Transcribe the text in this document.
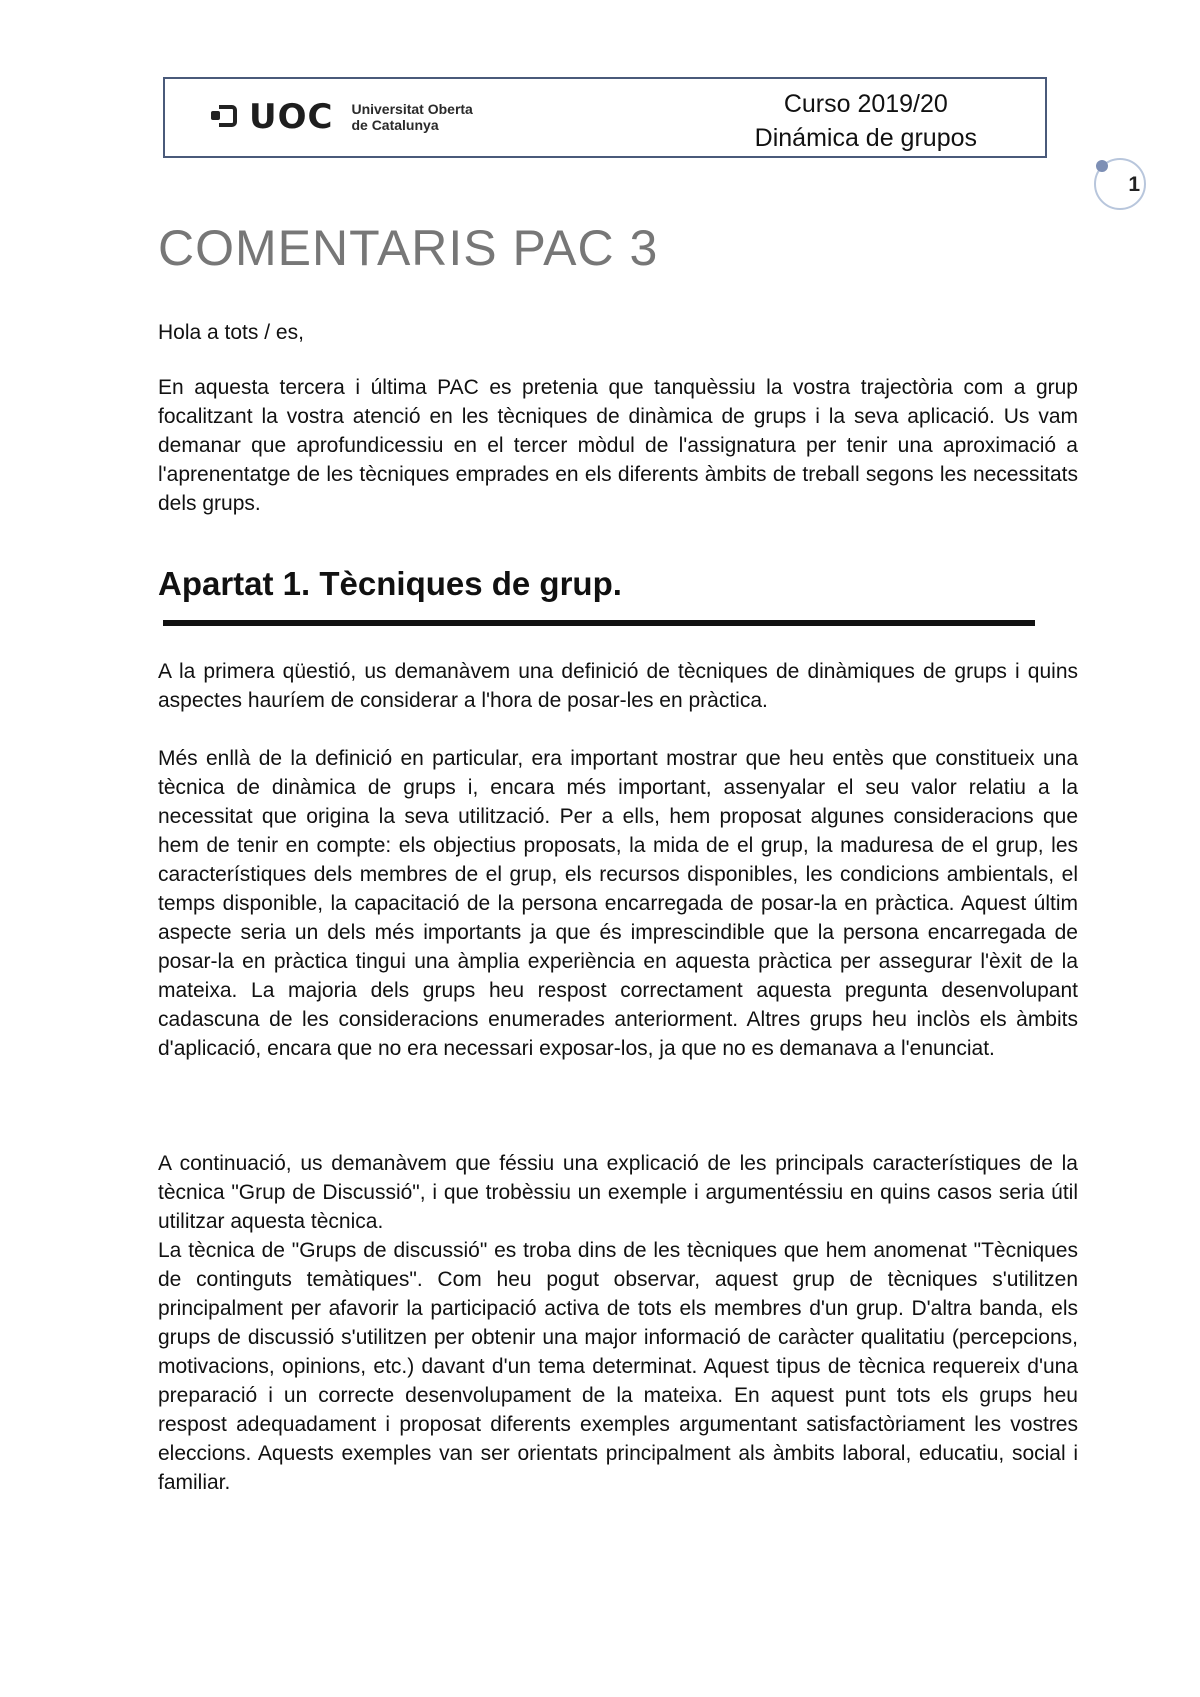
UOC Universitat Oberta
de Catalunya
Curso 2019/20
Dinámica de grupos
1
COMENTARIS PAC 3
Hola a tots / es,

En aquesta tercera i última PAC es pretenia que tanquèssiu la vostra trajectòria com a grup focalitzant la vostra atenció en les tècniques de dinàmica de grups i la seva aplicació. Us vam demanar que aprofundicessiu en el tercer mòdul de l'assignatura per tenir una aproximació a l'aprenentatge de les tècniques emprades en els diferents àmbits de treball segons les necessitats dels grups.

Apartat 1. Tècniques de grup.

A la primera qüestió, us demanàvem una definició de tècniques de dinàmiques de grups i quins aspectes hauríem de considerar a l'hora de posar-les en pràctica.

Més enllà de la definició en particular, era important mostrar que heu entès que constitueix una tècnica de dinàmica de grups i, encara més important, assenyalar el seu valor relatiu a la necessitat que origina la seva utilització. Per a ells, hem proposat algunes consideracions que hem de tenir en compte: els objectius proposats, la mida de el grup, la maduresa de el grup, les característiques dels membres de el grup, els recursos disponibles, les condicions ambientals, el temps disponible, la capacitació de la persona encarregada de posar-la en pràctica. Aquest últim aspecte seria un dels més importants ja que és imprescindible que la persona encarregada de posar-la en pràctica tingui una àmplia experiència en aquesta pràctica per assegurar l'èxit de la mateixa. La majoria dels grups heu respost correctament aquesta pregunta desenvolupant cadascuna de les consideracions enumerades anteriorment. Altres grups heu inclòs els àmbits d'aplicació, encara que no era necessari exposar-los, ja que no es demanava a l'enunciat.

A continuació, us demanàvem que féssiu una explicació de les principals característiques de la tècnica "Grup de Discussió", i que trobèssiu un exemple i argumentéssiu en quins casos seria útil utilitzar aquesta tècnica.

La tècnica de "Grups de discussió" es troba dins de les tècniques que hem anomenat "Tècniques de continguts temàtiques". Com heu pogut observar, aquest grup de tècniques s'utilitzen principalment per afavorir la participació activa de tots els membres d'un grup. D'altra banda, els grups de discussió s'utilitzen per obtenir una major informació de caràcter qualitatiu (percepcions, motivacions, opinions, etc.) davant d'un tema determinat. Aquest tipus de tècnica requereix d'una preparació i un correcte desenvolupament de la mateixa. En aquest punt tots els grups heu respost adequadament i proposat diferents exemples argumentant satisfactòriament les vostres eleccions. Aquests exemples van ser orientats principalment als àmbits laboral, educatiu, social i familiar.
